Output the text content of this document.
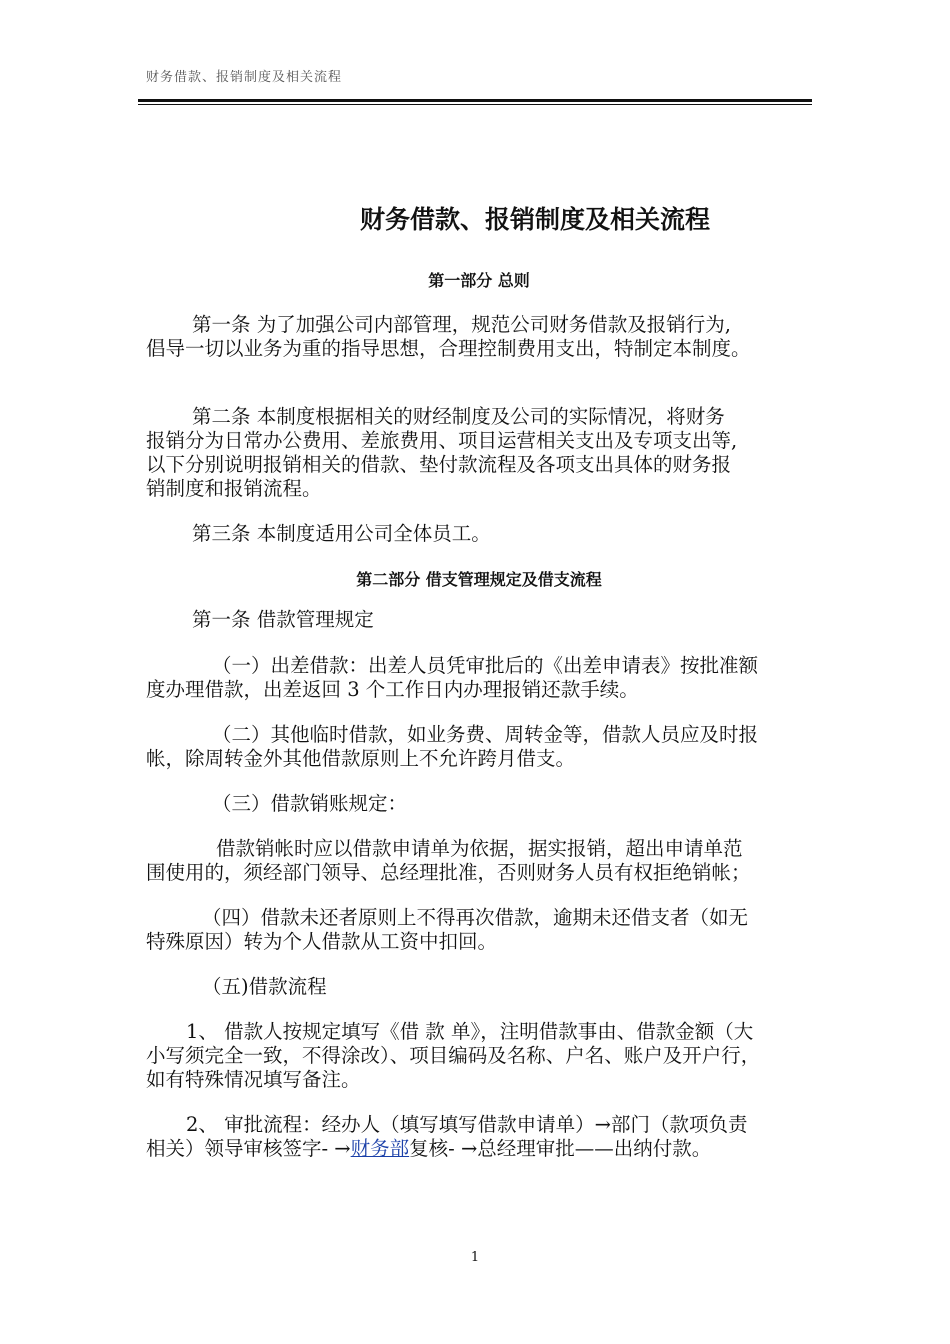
财务借款、报销制度及相关流程
财务借款、报销制度及相关流程
第一部分 总则

第一条 为了加强公司内部管理，规范公司财务借款及报销行为,
倡导一切以业务为重的指导思想，合理控制费用支出，特制定本制度。

第二条 本制度根据相关的财经制度及公司的实际情况，将财务
报销分为日常办公费用、差旅费用、项目运营相关支出及专项支出等,
以下分别说明报销相关的借款、垫付款流程及各项支出具体的财务报
销制度和报销流程。

第三条 本制度适用公司全体员工。

第二部分 借支管理规定及借支流程

第一条 借款管理规定

（一）出差借款：出差人员凭审批后的《出差申请表》按批准额
度办理借款，出差返回 3 个工作日内办理报销还款手续。

（二）其他临时借款，如业务费、周转金等，借款人员应及时报
帐，除周转金外其他借款原则上不允许跨月借支。

（三）借款销账规定：

借款销帐时应以借款申请单为依据，据实报销，超出申请单范
围使用的，须经部门领导、总经理批准，否则财务人员有权拒绝销帐；

（四）借款未还者原则上不得再次借款，逾期未还借支者（如无
特殊原因）转为个人借款从工资中扣回。

（五)借款流程

1、 借款人按规定填写《借 款 单》，注明借款事由、借款金额（大
小写须完全一致，不得涂改）、项目编码及名称、户名、账户及开户行，
如有特殊情况填写备注。

2、 审批流程：经办人（填写填写借款申请单）→部门（款项负责
相关）领导审核签字- →财务部复核- →总经理审批——出纳付款。

1
